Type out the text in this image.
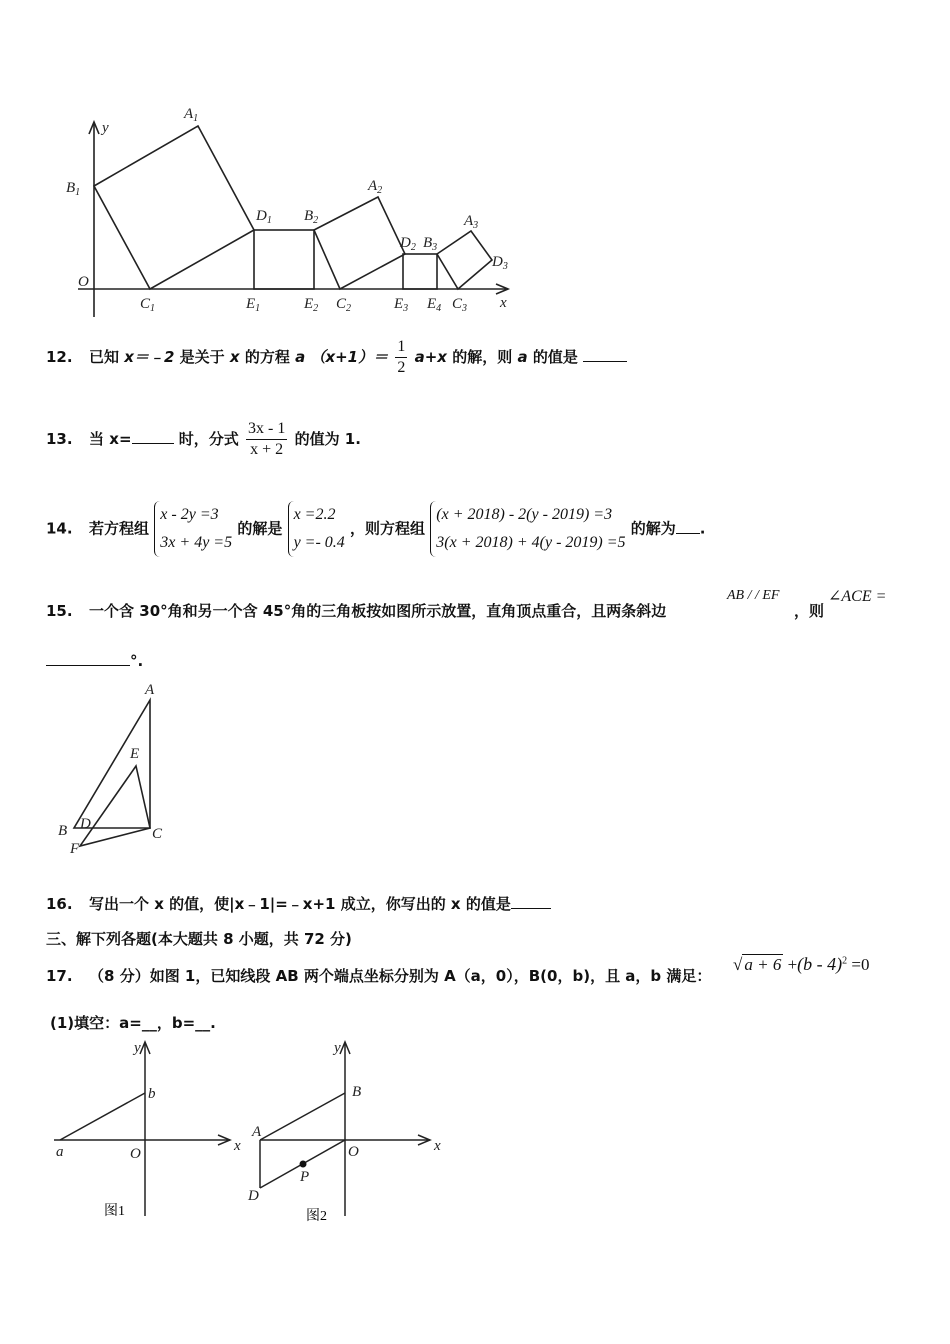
y
x
O
$A_1$
$B_1$
$C_1$
$D_1$
$E_1$
$B_2$
$A_2$
$E_2$ $C_2$
$D_2$ $B_3$
$E_3$ $E_4$ $C_3$
$A_3$
$D_3$
12. 已知 x＝﹣2 是关于 x 的方程 a $(x+1)= \frac{1}{2} a+x$ 的解，则 a 的值是
13. 当 x=	时，分式 $\frac{3x - 1}{x + 2}$ 的值为 1.
14. 若方程组
x - 2y =3
3x + 4y =5
的解是
x =2.2
y =- 0.4
，则方程组
(x + 2018) - 2(y - 2019) =3
3(x + 2018) + 4(y - 2019) =5
的解为 .
15. 一个含 30°角和另一个含 45°角的三角板按如图所示放置，直角顶点重合，且两条斜边
AB / / EF
，则
∠ACE =
°.
A
E
B D
C
F
16. 写出一个 x 的值，使|x﹣1|=﹣x+1 成立，你写出的 x 的值是
三、解下列各题(本大题共 8 小题，共 72 分)
17. （8 分）如图 1，已知线段 AB 两个端点坐标分别为 A（a，0），B(0，b)，且 a，b 满足：
√ a + 6 +(b - 4)$^2$ =0
(1)填空：a=__，b=__.
y
x
b
a	O
图1
y
x
B
A
O
P
D
图2
